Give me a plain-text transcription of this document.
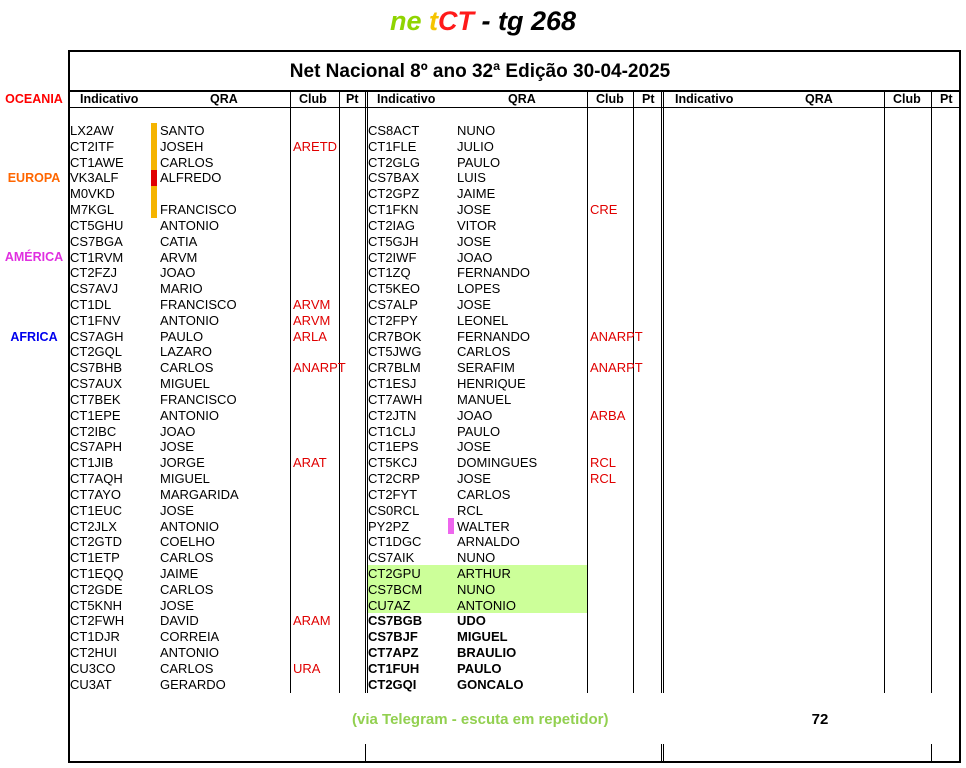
ne tCT - tg 268
Net Nacional 8º ano 32ª Edição 30-04-2025
OCEANIA
EUROPA
AMÉRICA
AFRICA
Indicativo	QRA	Club Pt Indicativo	QRA	Club Pt Indicativo	QRA	Club Pt
LX2AW	SANTO
CT2ITF	JOSEH	ARETD
CT1AWE	CARLOS
VK3ALF	ALFREDO
M0VKD
M7KGL	FRANCISCO
CT5GHU	ANTONIO
CS7BGA	CATIA
CT1RVM	ARVM
CT2FZJ	JOAO
CS7AVJ	MARIO
CT1DL	FRANCISCO	ARVM
CT1FNV	ANTONIO	ARVM
CS7AGH	PAULO	ARLA
CT2GQL	LAZARO
CS7BHB	CARLOS	ANARPT
CS7AUX	MIGUEL
CT7BEK	FRANCISCO
CT1EPE	ANTONIO
CT2IBC	JOAO
CS7APH	JOSE
CT1JIB	JORGE	ARAT
CT7AQH	MIGUEL
CT7AYO	MARGARIDA
CT1EUC	JOSE
CT2JLX	ANTONIO
CT2GTD	COELHO
CT1ETP	CARLOS
CT1EQQ	JAIME
CT2GDE	CARLOS
CT5KNH	JOSE
CT2FWH	DAVID	ARAM
CT1DJR	CORREIA
CT2HUI	ANTONIO
CU3CO	CARLOS	URA
CU3AT	GERARDO
CS8ACT	NUNO
CT1FLE	JULIO
CT2GLG	PAULO
CS7BAX	LUIS
CT2GPZ	JAIME
CT1FKN	JOSE	CRE
CT2IAG	VITOR
CT5GJH	JOSE
CT2IWF	JOAO
CT1ZQ	FERNANDO
CT5KEO	LOPES
CS7ALP	JOSE
CT2FPY	LEONEL
CR7BOK	FERNANDO	ANARPT
CT5JWG	CARLOS
CR7BLM	SERAFIM	ANARPT
CT1ESJ	HENRIQUE
CT7AWH	MANUEL
CT2JTN	JOAO	ARBA
CT1CLJ	PAULO
CT1EPS	JOSE
CT5KCJ	DOMINGUES	RCL
CT2CRP	JOSE	RCL
CT2FYT	CARLOS
CS0RCL	RCL
PY2PZ	WALTER
CT1DGC	ARNALDO
CS7AIK	NUNO
CT2GPU	ARTHUR
CS7BCM	NUNO
CU7AZ	ANTONIO
CS7BGB	UDO
CS7BJF	MIGUEL
CT7APZ	BRAULIO
CT1FUH	PAULO
CT2GQI	GONCALO
(via Telegram - escuta em repetidor)	72
